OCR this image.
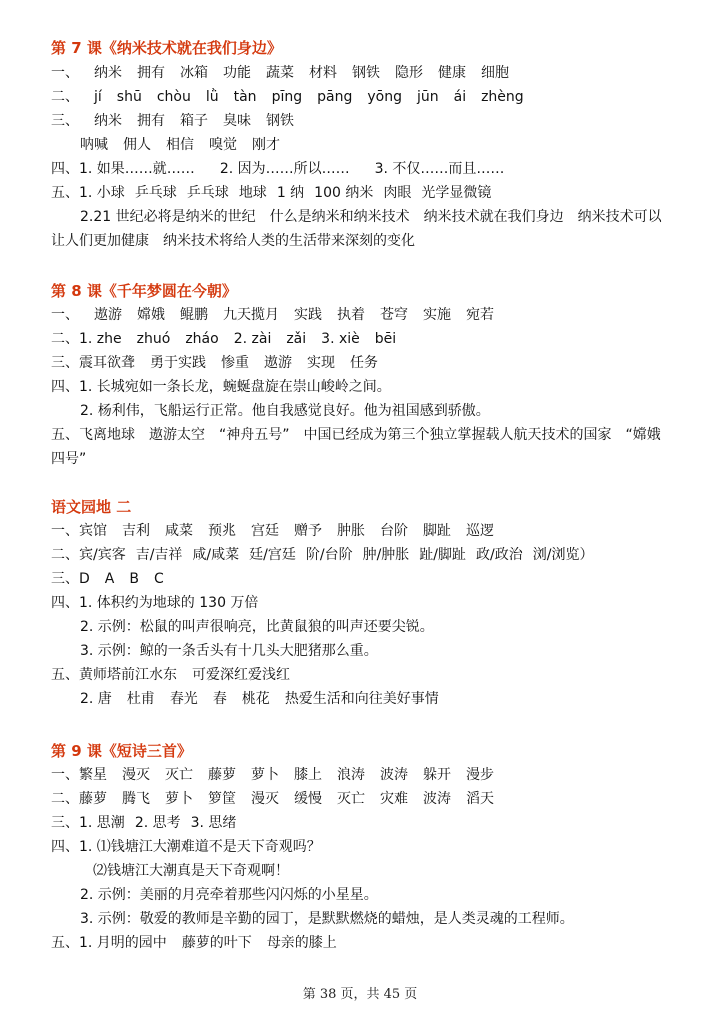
第 7 课《纳米技术就在我们身边》
一、 纳米 拥有 冰箱 功能 蔬菜 材料 钢铁 隐形 健康 细胞
二、 jí shū chòu lǜ tàn pīng pāng yōng jūn ái zhèng
三、 纳米 拥有 箱子 臭味 钢铁
呐喊 佣人 相信 嗅觉 刚才
四、1. 如果……就…… 2. 因为……所以…… 3. 不仅……而且……
五、1. 小球 乒乓球 乒乓球 地球 1 纳 100 纳米 肉眼 光学显微镜
2.21 世纪必将是纳米的世纪　什么是纳米和纳米技术　纳米技术就在我们身边　纳米技术可以让人们更加健康　纳米技术将给人类的生活带来深刻的变化
第 8 课《千年梦圆在今朝》
一、 遨游 嫦娥 鲲鹏 九天揽月 实践 执着 苍穹 实施 宛若
二、1. zhe zhuó zháo 2. zài zǎi 3. xiè bēi
三、震耳欲聋 勇于实践 惨重 遨游 实现 任务
四、1. 长城宛如一条长龙，蜿蜒盘旋在崇山峻岭之间。
2. 杨利伟，飞船运行正常。他自我感觉良好。他为祖国感到骄傲。
五、飞离地球　遨游太空　“神舟五号”　中国已经成为第三个独立掌握载人航天技术的国家　“嫦娥四号”
语文园地 二
一、宾馆 吉利 咸菜 预兆 宫廷 赠予 肿胀 台阶 脚趾 巡逻
二、宾/宾客 吉/吉祥 咸/咸菜 廷/宫廷 阶/台阶 肿/肿胀 趾/脚趾 政/政治 浏/浏览）
三、D A B C
四、1. 体积约为地球的 130 万倍
2. 示例：松鼠的叫声很响亮，比黄鼠狼的叫声还要尖锐。
3. 示例：鲸的一条舌头有十几头大肥猪那么重。
五、黄师塔前江水东 可爱深红爱浅红
2. 唐 杜甫 春光 春 桃花 热爱生活和向往美好事情
第 9 课《短诗三首》
一、繁星 漫灭 灭亡 藤萝 萝卜 膝上 浪涛 波涛 躲开 漫步
二、藤萝 腾飞 萝卜 箩筐 漫灭 缓慢 灭亡 灾难 波涛 滔天
三、1. 思潮 2. 思考 3. 思绪
四、1. ⑴钱塘江大潮难道不是天下奇观吗？
⑵钱塘江大潮真是天下奇观啊！
2. 示例：美丽的月亮牵着那些闪闪烁的小星星。
3. 示例：敬爱的教师是辛勤的园丁，是默默燃烧的蜡烛，是人类灵魂的工程师。
五、1. 月明的园中 藤萝的叶下 母亲的膝上
第 38 页，共 45 页
